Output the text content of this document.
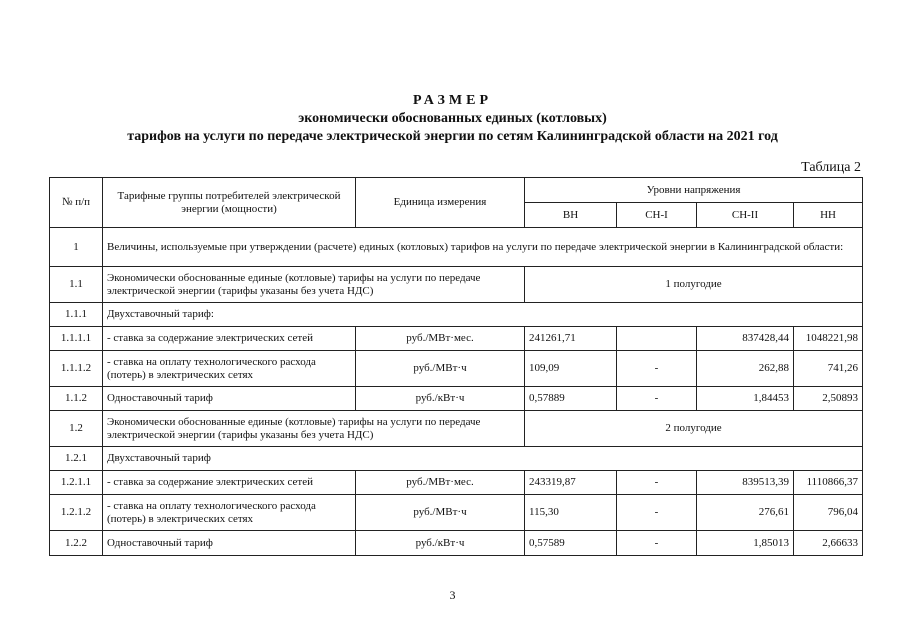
РАЗМЕР
экономически обоснованных единых (котловых)
тарифов на услуги по передаче электрической энергии по сетям Калининградской области на 2021 год
Таблица 2
№ п/п	Тарифные группы потребителей электрической энергии (мощности)	Единица измерения	Уровни напряжения			
			ВН	СН-I	СН-II	НН
1	Величины, используемые при утверждении (расчете) единых (котловых) тарифов на услуги по передаче электрической энергии в Калининградской области:					
1.1	Экономически обоснованные единые (котловые) тарифы на услуги по передаче электрической энергии (тарифы указаны без учета НДС)		1 полугодие			
1.1.1	Двухставочный тариф:					
1.1.1.1	- ставка за содержание электрических сетей	руб./МВт·мес.	241261,71		837428,44	1048221,98
1.1.1.2	- ставка на оплату технологического расхода (потерь) в электрических сетях	руб./МВт·ч	109,09	-	262,88	741,26
1.1.2	Одноставочный тариф	руб./кВт·ч	0,57889	-	1,84453	2,50893
1.2	Экономически обоснованные единые (котловые) тарифы на услуги по передаче электрической энергии (тарифы указаны без учета НДС)		2 полугодие			
1.2.1	Двухставочный тариф					
1.2.1.1	- ставка за содержание электрических сетей	руб./МВт·мес.	243319,87	-	839513,39	1110866,37
1.2.1.2	- ставка на оплату технологического расхода (потерь) в электрических сетях	руб./МВт·ч	115,30	-	276,61	796,04
1.2.2	Одноставочный тариф	руб./кВт·ч	0,57589	-	1,85013	2,66633
3
